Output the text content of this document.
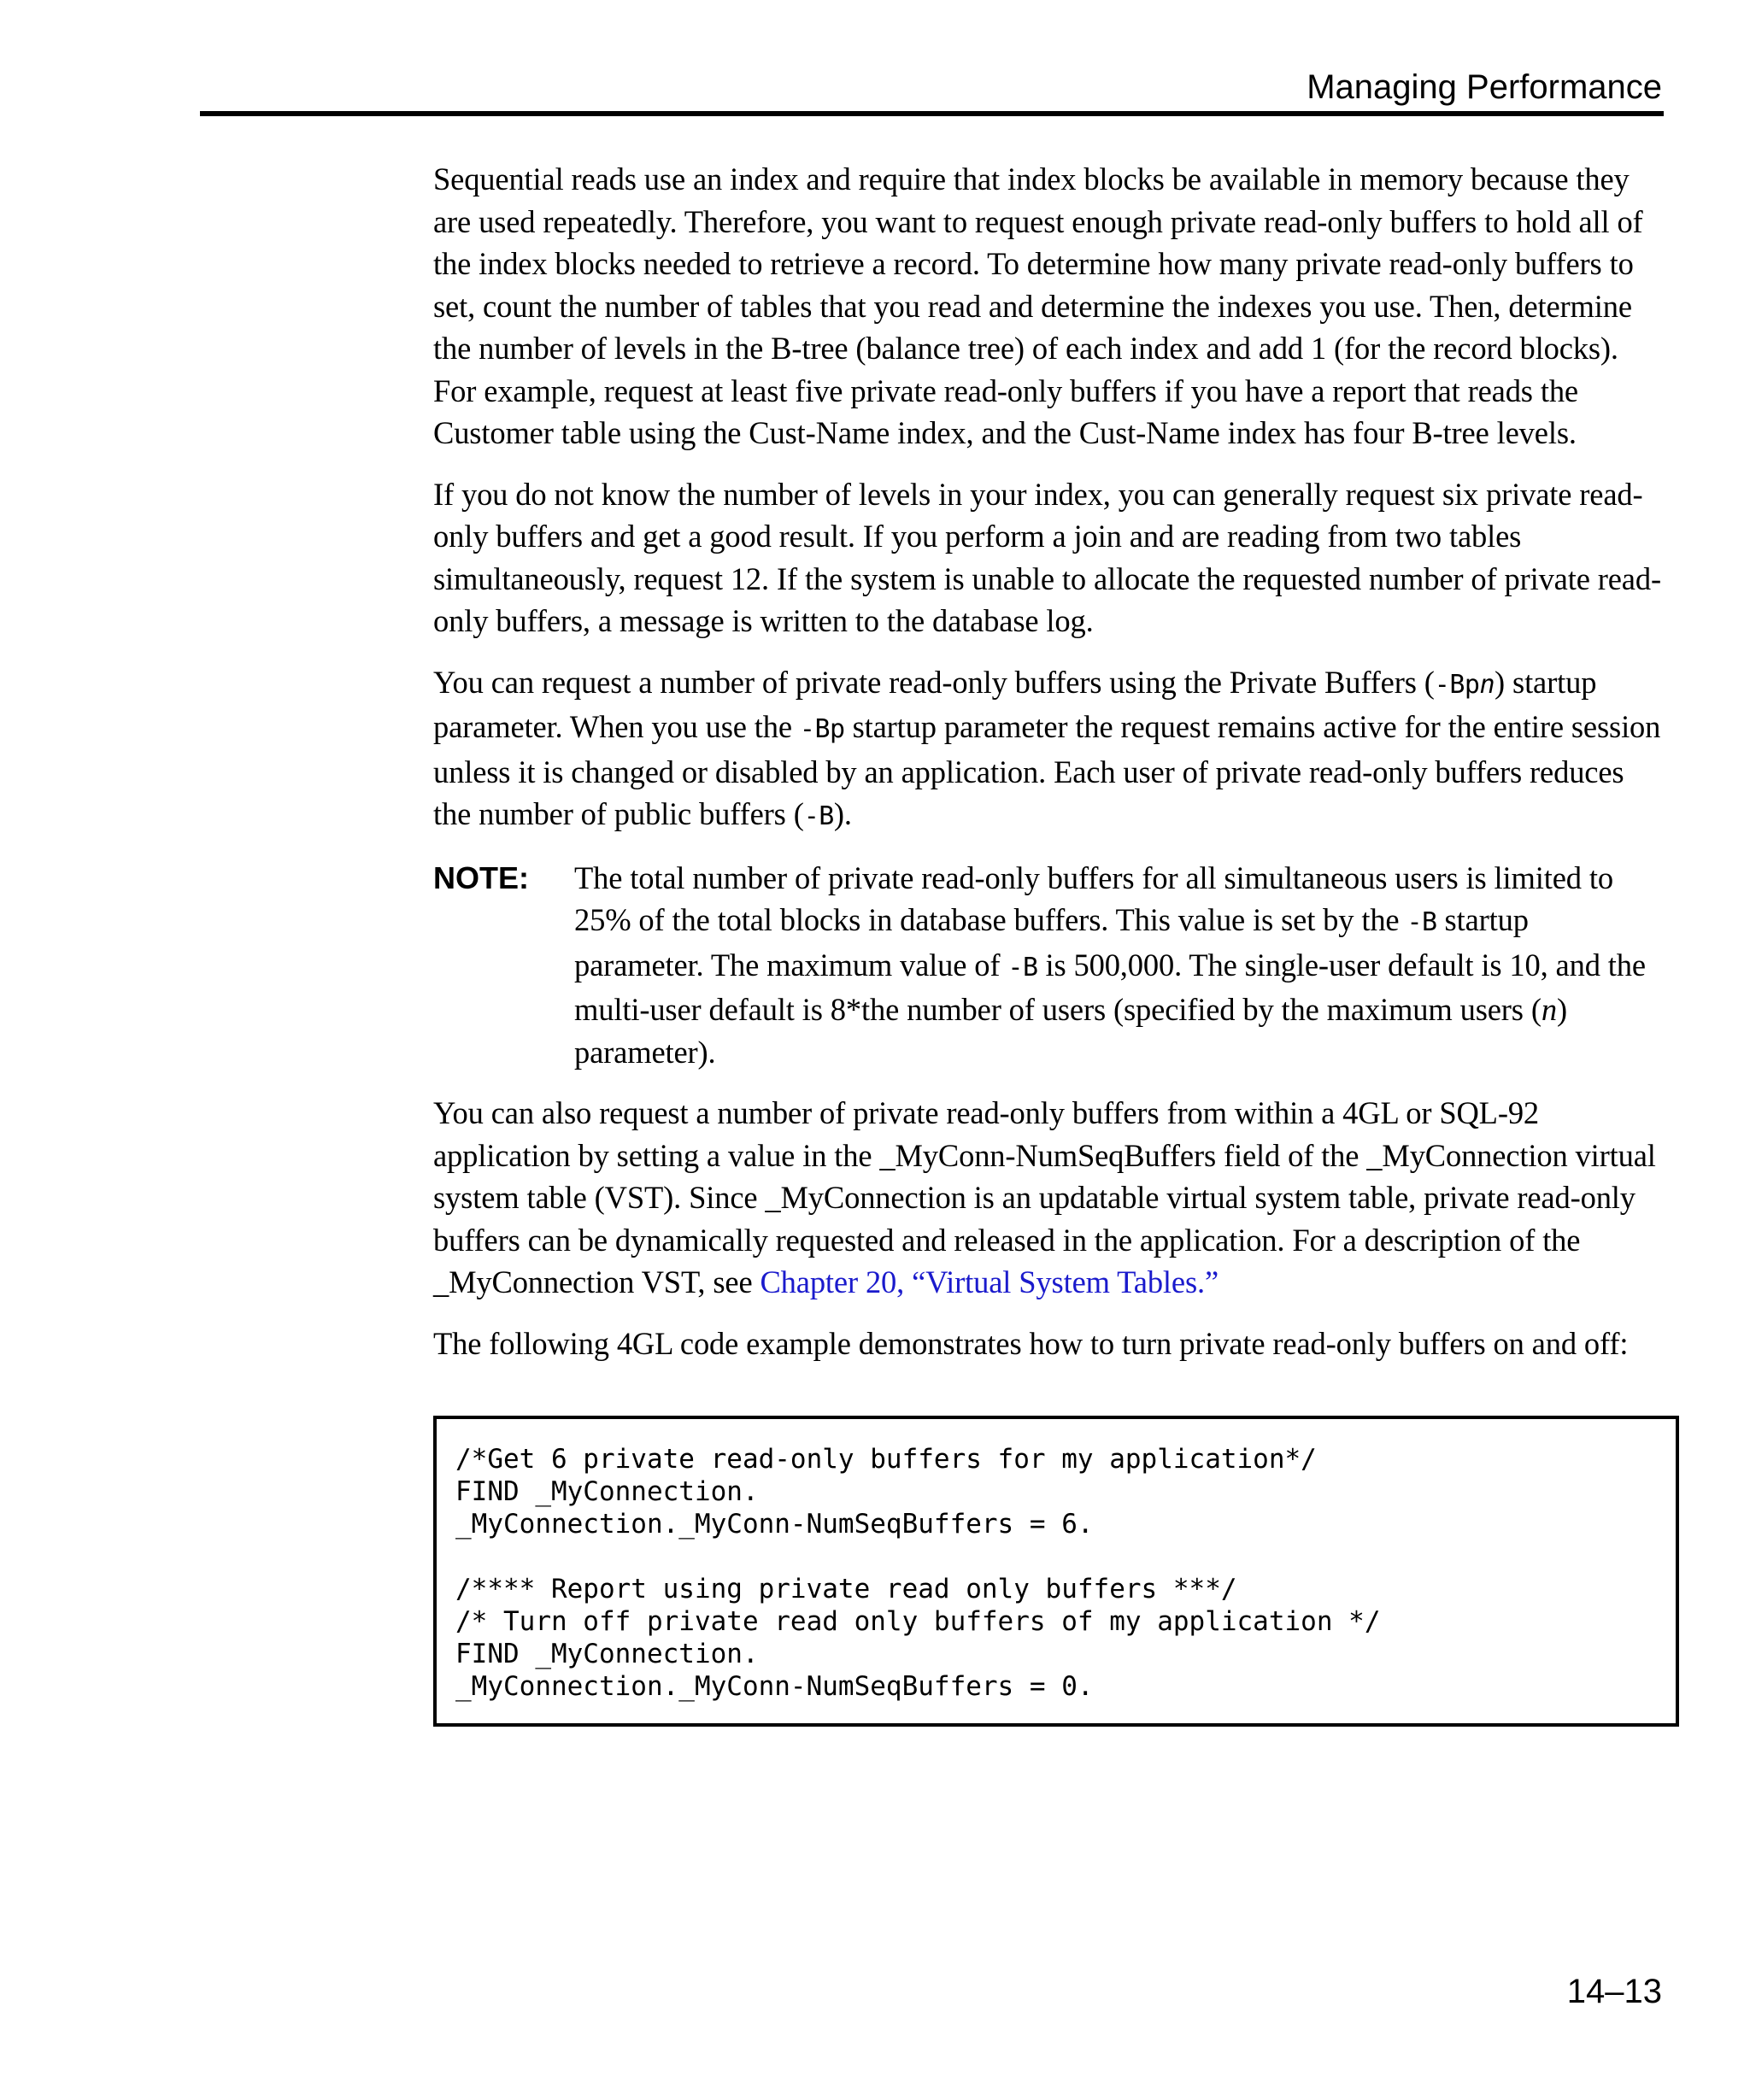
Managing Performance

Sequential reads use an index and require that index blocks be available in memory because they are used repeatedly. Therefore, you want to request enough private read-only buffers to hold all of the index blocks needed to retrieve a record. To determine how many private read-only buffers to set, count the number of tables that you read and determine the indexes you use. Then, determine the number of levels in the B-tree (balance tree) of each index and add 1 (for the record blocks). For example, request at least five private read-only buffers if you have a report that reads the Customer table using the Cust-Name index, and the Cust-Name index has four B-tree levels.

If you do not know the number of levels in your index, you can generally request six private read-only buffers and get a good result. If you perform a join and are reading from two tables simultaneously, request 12. If the system is unable to allocate the requested number of private read-only buffers, a message is written to the database log.

You can request a number of private read-only buffers using the Private Buffers (-Bpn) startup parameter. When you use the -Bp startup parameter the request remains active for the entire session unless it is changed or disabled by an application. Each user of private read-only buffers reduces the number of public buffers (-B).

NOTE:	The total number of private read-only buffers for all simultaneous users is limited to 25% of the total blocks in database buffers. This value is set by the -B startup parameter. The maximum value of -B is 500,000. The single-user default is 10, and the multi-user default is 8*the number of users (specified by the maximum users (n) parameter).

You can also request a number of private read-only buffers from within a 4GL or SQL-92 application by setting a value in the _MyConn-NumSeqBuffers field of the _MyConnection virtual system table (VST). Since _MyConnection is an updatable virtual system table, private read-only buffers can be dynamically requested and released in the application. For a description of the _MyConnection VST, see Chapter 20, “Virtual System Tables.”

The following 4GL code example demonstrates how to turn private read-only buffers on and off:

/*Get 6 private read-only buffers for my application*/
FIND _MyConnection.
_MyConnection._MyConn-NumSeqBuffers = 6.
/**** Report using private read only buffers ***/
/* Turn off private read only buffers of my application */
FIND _MyConnection.
_MyConnection._MyConn-NumSeqBuffers = 0.
14–13
